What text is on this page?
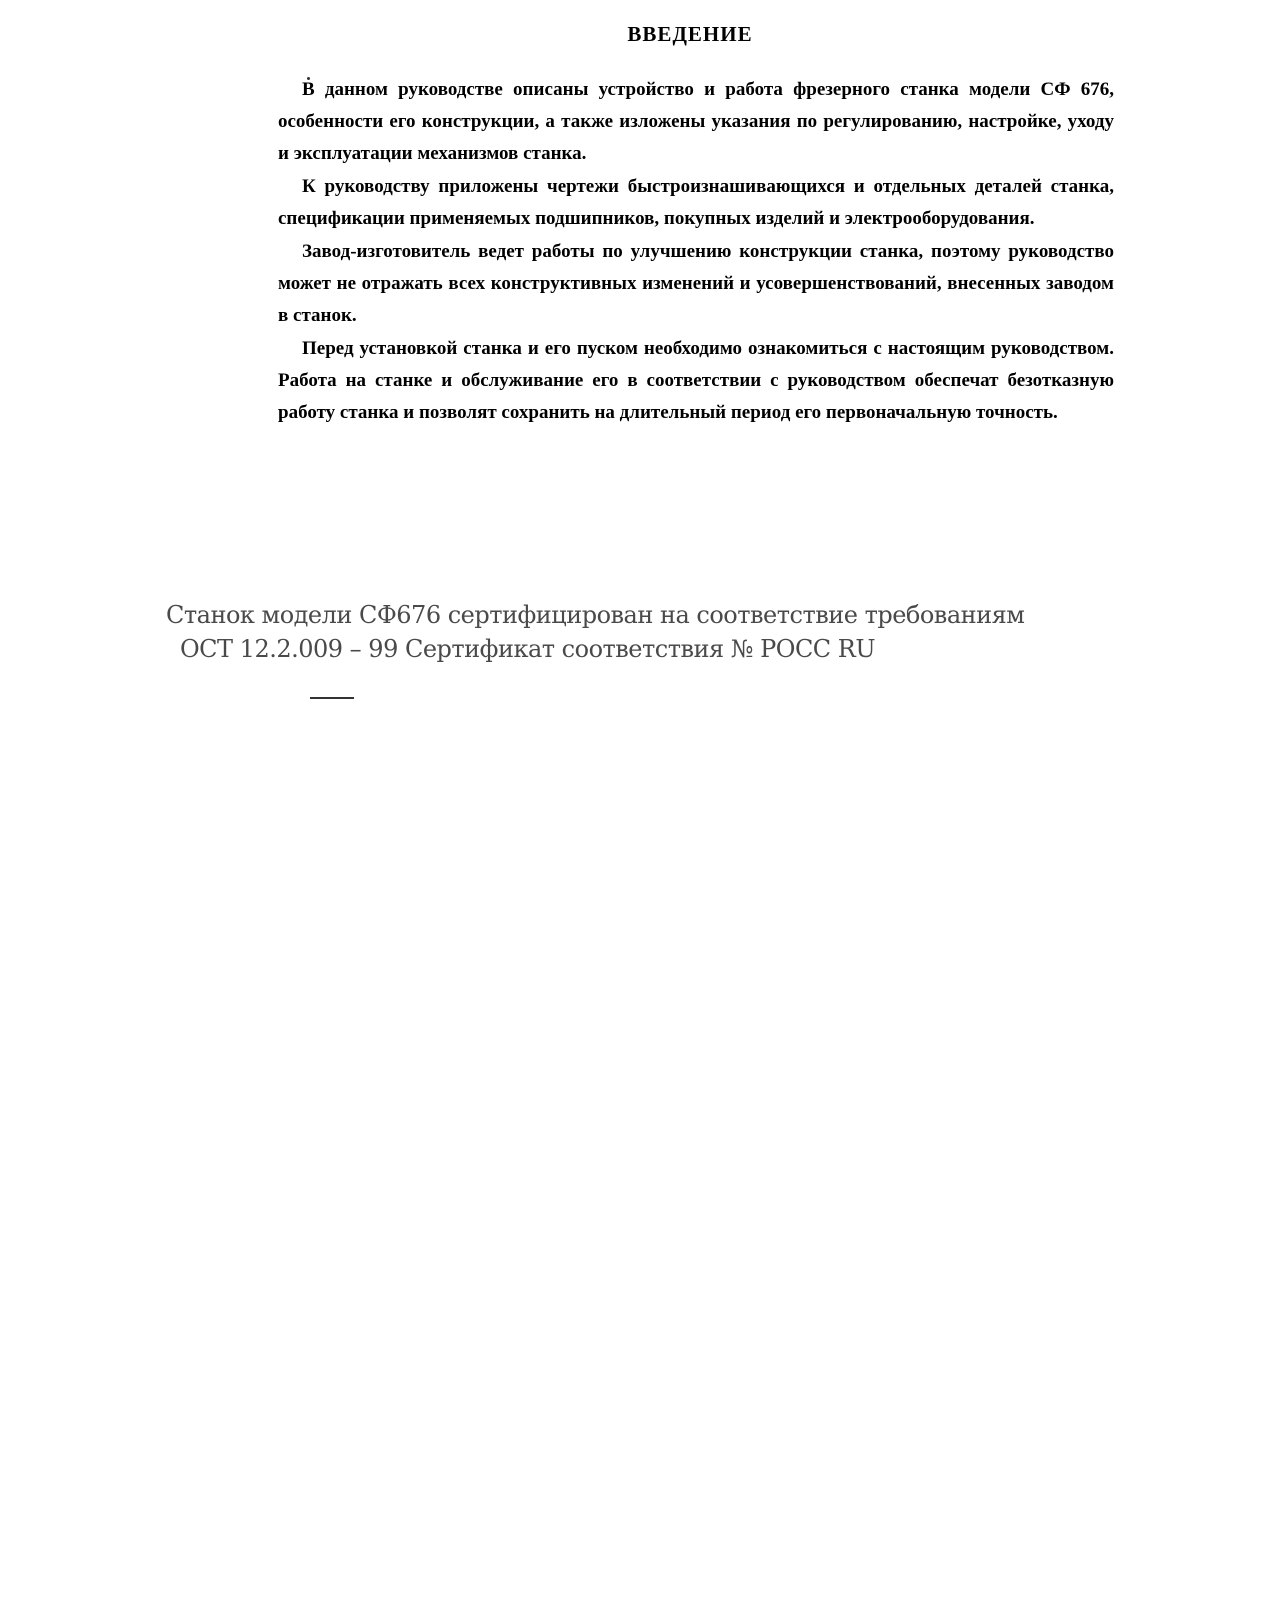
ВВЕДЕНИЕ

В данном руководстве описаны устройство и работа фрезерного станка модели СФ 676, особенности его конструкции, а также изложены указания по регулированию, настройке, уходу и эксплуатации механизмов станка.

К руководству приложены чертежи быстроизнашивающихся и отдельных деталей станка, спецификации применяемых подшипников, покупных изделий и электрооборудования.

Завод-изготовитель ведет работы по улучшению конструкции станка, поэтому руководство может не отражать всех конструктивных изменений и усовершенствований, внесенных заводом в станок.

Перед установкой станка и его пуском необходимо ознакомиться с настоящим руководством. Работа на станке и обслуживание его в соответствии с руководством обеспечат безотказную работу станка и позволят сохранить на длительный период его первоначальную точность.

Станок модели СФ676 сертифицирован на соответствие требованиям
ОСТ 12.2.009 – 99 Сертификат соответствия № РОСС RU
